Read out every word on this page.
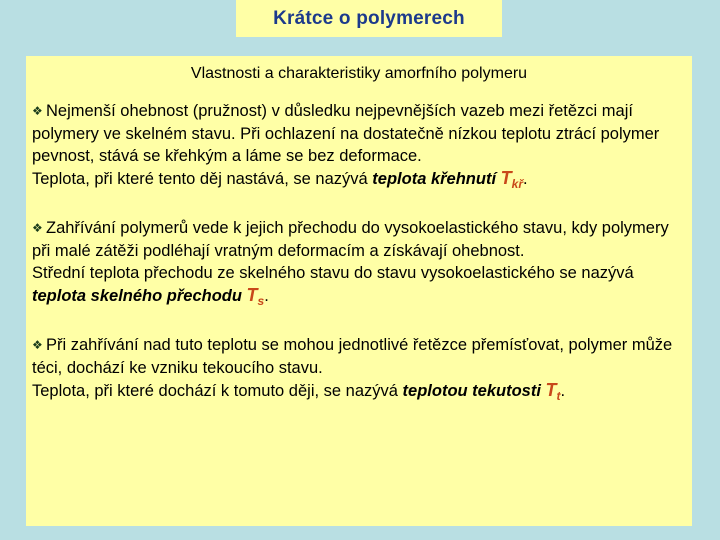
Krátce o polymerech
Vlastnosti a charakteristiky amorfního polymeru

❖ Nejmenší ohebnost (pružnost) v důsledku nejpevnějších vazeb mezi řetězci mají polymery ve skelném stavu. Při ochlazení na dostatečně nízkou teplotu ztrácí polymer pevnost, stává se křehkým a láme se bez deformace.

Teplota, při které tento děj nastává, se nazývá teplota křehnutí $T_{kř}$.

❖ Zahřívání polymerů vede k jejich přechodu do vysokoelastického stavu, kdy polymery při malé zátěži podléhají vratným deformacím a získávají ohebnost.

Střední teplota přechodu ze skelného stavu do stavu vysokoelastického se nazývá teplota skelného přechodu $T_s$.

❖ Při zahřívání nad tuto teplotu se mohou jednotlivé řetězce přemísťovat, polymer může téci, dochází ke vzniku tekoucího stavu.

Teplota, při které dochází k tomuto ději, se nazývá teplotou tekutosti $T_t$.
